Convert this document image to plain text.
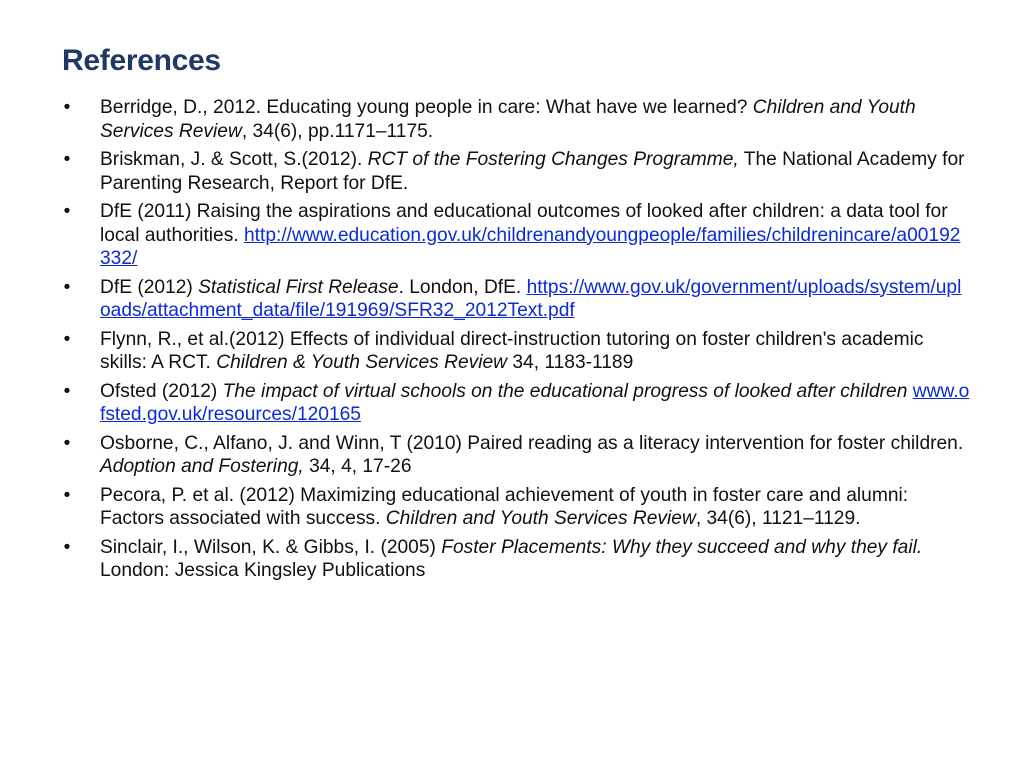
References
• Berridge, D., 2012. Educating young people in care: What have we learned? Children and Youth Services Review, 34(6), pp.1171–1175.
• Briskman, J. & Scott, S.(2012). RCT of the Fostering Changes Programme, The National Academy for Parenting Research, Report for DfE.
• DfE (2011) Raising the aspirations and educational outcomes of looked after children: a data tool for local authorities. http://www.education.gov.uk/childrenandyoungpeople/families/childrenincare/a00192332/
• DfE (2012) Statistical First Release. London, DfE. https://www.gov.uk/government/uploads/system/uploads/attachment_data/file/191969/SFR32_2012Text.pdf
• Flynn, R., et al.(2012) Effects of individual direct-instruction tutoring on foster children's academic skills: A RCT. Children & Youth Services Review 34, 1183-1189
• Ofsted (2012) The impact of virtual schools on the educational progress of looked after children www.ofsted.gov.uk/resources/120165
• Osborne, C., Alfano, J. and Winn, T (2010) Paired reading as a literacy intervention for foster children. Adoption and Fostering, 34, 4, 17-26
• Pecora, P. et al. (2012) Maximizing educational achievement of youth in foster care and alumni: Factors associated with success. Children and Youth Services Review, 34(6), 1121–1129.
• Sinclair, I., Wilson, K. & Gibbs, I. (2005) Foster Placements: Why they succeed and why they fail. London: Jessica Kingsley Publications
